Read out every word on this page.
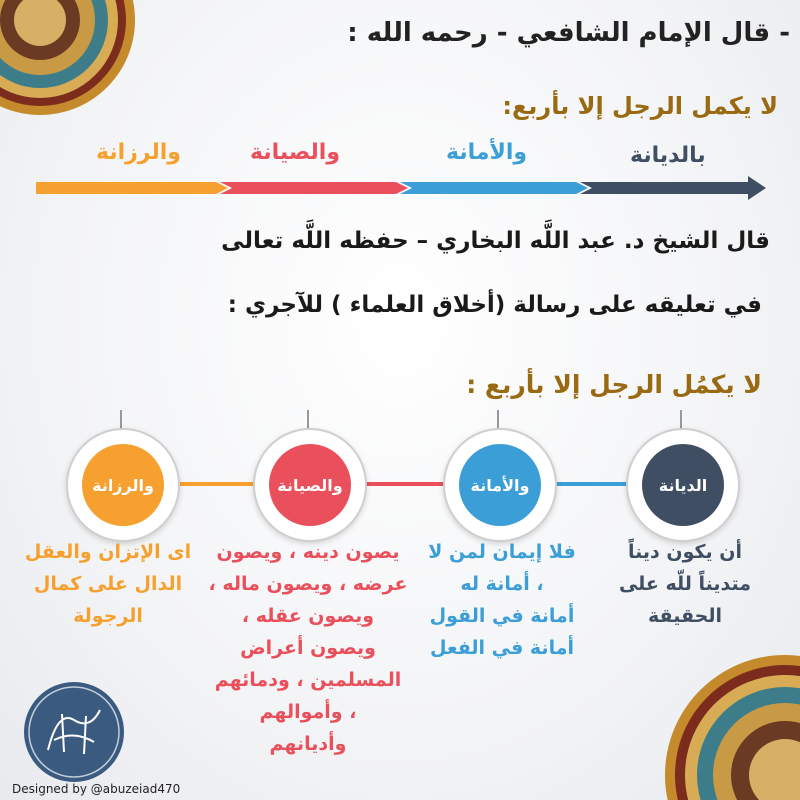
- قال الإمام الشافعي - رحمه الله :
لا يكمل الرجل إلا بأربع:
بالديانة
والأمانة
والصيانة
والرزانة
قال الشيخ د. عبد اللَّه البخاري – حفظه اللَّه تعالى
في تعليقه على رسالة (أخلاق العلماء ) للآجري :
لا يكمُل الرجل إلا بأربع :
الديانة
والأمانة
والصيانة
والرزانة
أن يكون ديناً
متديناً للّه على
الحقيقة
فلا إيمان لمن لا
، أمانة له
أمانة في القول
أمانة في الفعل
يصون دينه ، ويصون
عرضه ، ويصون ماله ،
ويصون عقله ،
ويصون أعراض
المسلمين ، ودمائهم
، وأموالهم
وأديانهم
اى الإتزان والعقل
الدال على كمال
الرجولة
Designed by @abuzeiad470
